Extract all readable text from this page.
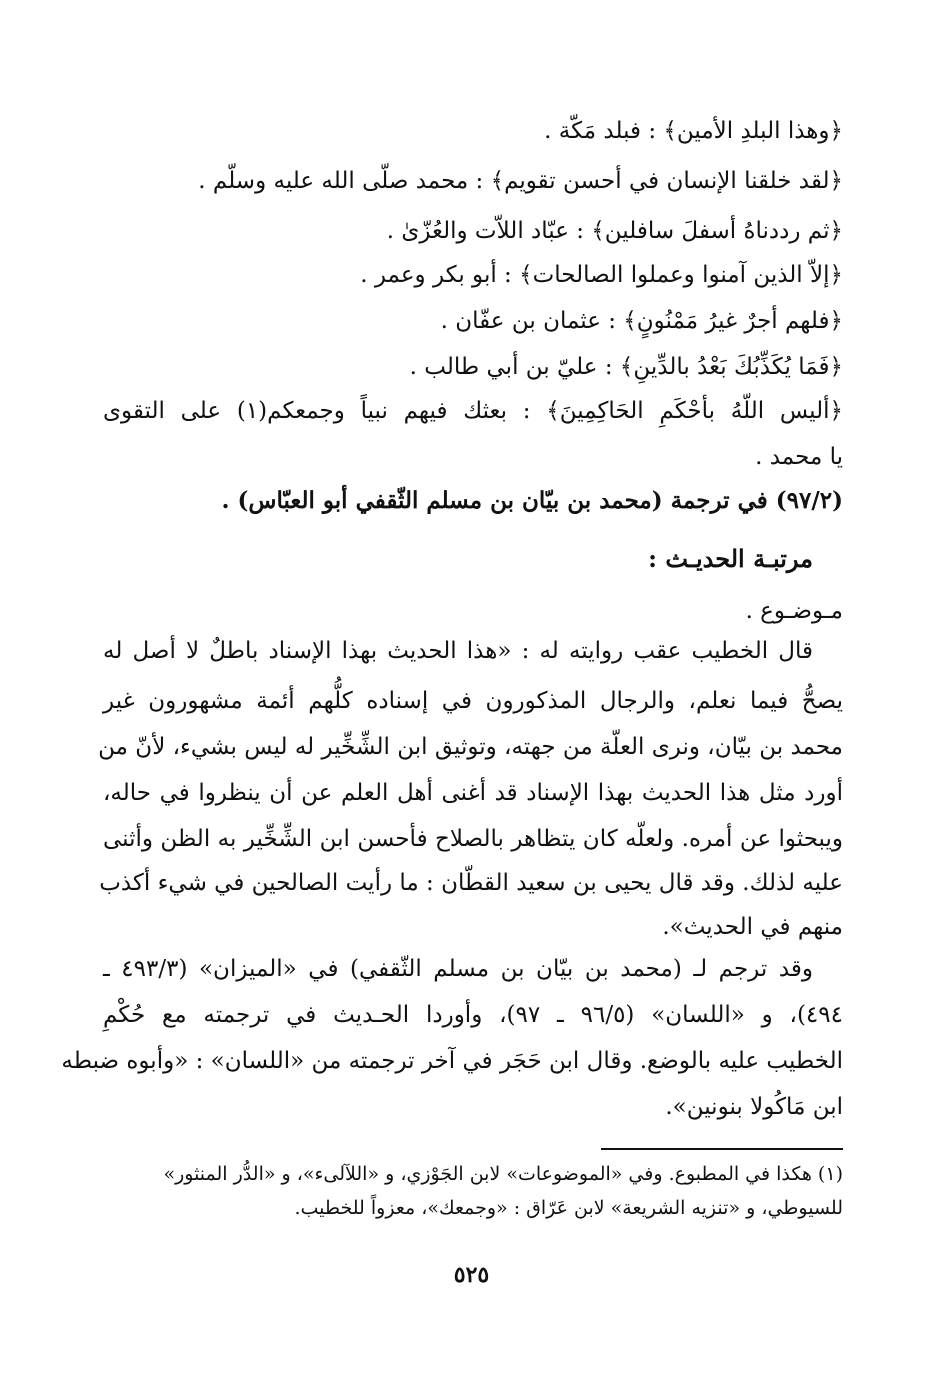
﴿وهذا البلدِ الأمين﴾ : فبلد مَكّة .

﴿لقد خلقنا الإنسان في أحسن تقويم﴾ : محمد صلّى الله عليه وسلّم .

﴿ثم رددناهُ أسفلَ سافلين﴾ : عبّاد اللاّت والعُزّىٰ .

﴿إلاّ الذين آمنوا وعملوا الصالحات﴾ : أبو بكر وعمر .

﴿فلهم أجرٌ غيرُ مَمْنُونٍ﴾ : عثمان بن عفّان .

﴿فَمَا يُكَذِّبُكَ بَعْدُ بالدِّينِ﴾ : عليّ بن أبي طالب .

﴿أليس اللّهُ بأحْكَمِ الحَاكِمِينَ﴾ : بعثك فيهم نبياً وجمعكم(١) على التقوى

يا محمد .

(٩٧/٢) في ترجمة (محمد بن بيّان بن مسلم الثّقفي أبو العبّاس) .

مرتبـة الحديـث :

مـوضـوع .

قال الخطيب عقب روايته له : «هذا الحديث بهذا الإسناد باطلٌ لا أصل له

يصحُّ فيما نعلم، والرجال المذكورون في إسناده كلُّهم أئمة مشهورون غير

محمد بن بيّان، ونرى العلّة من جهته، وتوثيق ابن الشِّخِّير له ليس بشيء، لأنّ من

أورد مثل هذا الحديث بهذا الإسناد قد أغنى أهل العلم عن أن ينظروا في حاله،

ويبحثوا عن أمره. ولعلّه كان يتظاهر بالصلاح فأحسن ابن الشِّخِّير به الظن وأثنى

عليه لذلك. وقد قال يحيى بن سعيد القطّان : ما رأيت الصالحين في شيء أكذب

منهم في الحديث».

وقد ترجم لـ (محمد بن بيّان بن مسلم الثّقفي) في «الميزان» (٤٩٣/٣ ـ

٤٩٤)، و «اللسان» (٩٦/٥ ـ ٩٧)، وأوردا الحـديث في ترجمته مع حُكْمِ

الخطيب عليه بالوضع. وقال ابن حَجَر في آخر ترجمته من «اللسان» : «وأبوه ضبطه

ابن مَاكُولا بنونين».

(١) هكذا في المطبوع. وفي «الموضوعات» لابن الجَوْزي، و «اللآلىء»، و «الدُّر المنثور»

للسيوطي، و «تنزيه الشريعة» لابن عَرّاق : «وجمعك»، معزواً للخطيب.

٥٢٥
